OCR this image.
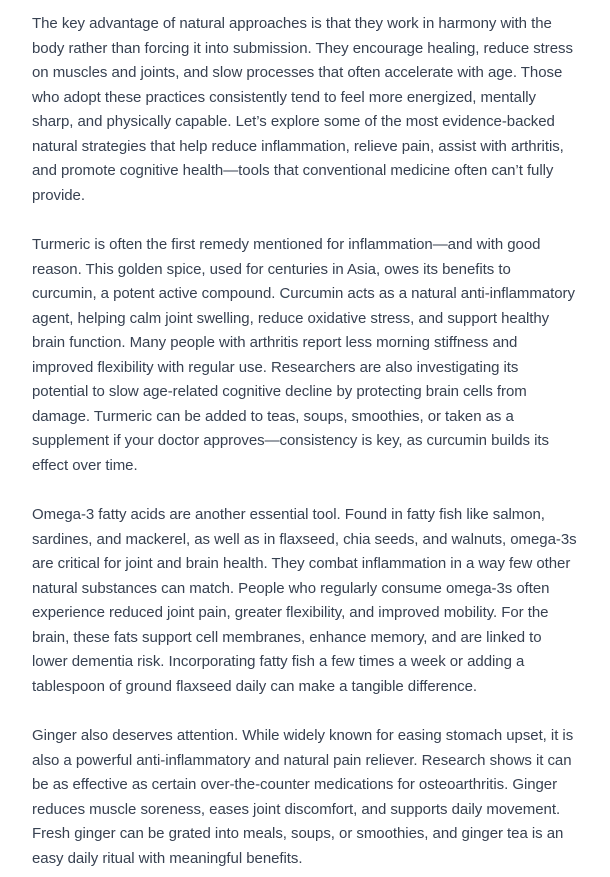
The key advantage of natural approaches is that they work in harmony with the body rather than forcing it into submission. They encourage healing, reduce stress on muscles and joints, and slow processes that often accelerate with age. Those who adopt these practices consistently tend to feel more energized, mentally sharp, and physically capable. Let’s explore some of the most evidence-backed natural strategies that help reduce inflammation, relieve pain, assist with arthritis, and promote cognitive health—tools that conventional medicine often can’t fully provide.

Turmeric is often the first remedy mentioned for inflammation—and with good reason. This golden spice, used for centuries in Asia, owes its benefits to curcumin, a potent active compound. Curcumin acts as a natural anti-inflammatory agent, helping calm joint swelling, reduce oxidative stress, and support healthy brain function. Many people with arthritis report less morning stiffness and improved flexibility with regular use. Researchers are also investigating its potential to slow age-related cognitive decline by protecting brain cells from damage. Turmeric can be added to teas, soups, smoothies, or taken as a supplement if your doctor approves—consistency is key, as curcumin builds its effect over time.

Omega-3 fatty acids are another essential tool. Found in fatty fish like salmon, sardines, and mackerel, as well as in flaxseed, chia seeds, and walnuts, omega-3s are critical for joint and brain health. They combat inflammation in a way few other natural substances can match. People who regularly consume omega-3s often experience reduced joint pain, greater flexibility, and improved mobility. For the brain, these fats support cell membranes, enhance memory, and are linked to lower dementia risk. Incorporating fatty fish a few times a week or adding a tablespoon of ground flaxseed daily can make a tangible difference.

Ginger also deserves attention. While widely known for easing stomach upset, it is also a powerful anti-inflammatory and natural pain reliever. Research shows it can be as effective as certain over-the-counter medications for osteoarthritis. Ginger reduces muscle soreness, eases joint discomfort, and supports daily movement. Fresh ginger can be grated into meals, soups, or smoothies, and ginger tea is an easy daily ritual with meaningful benefits.
